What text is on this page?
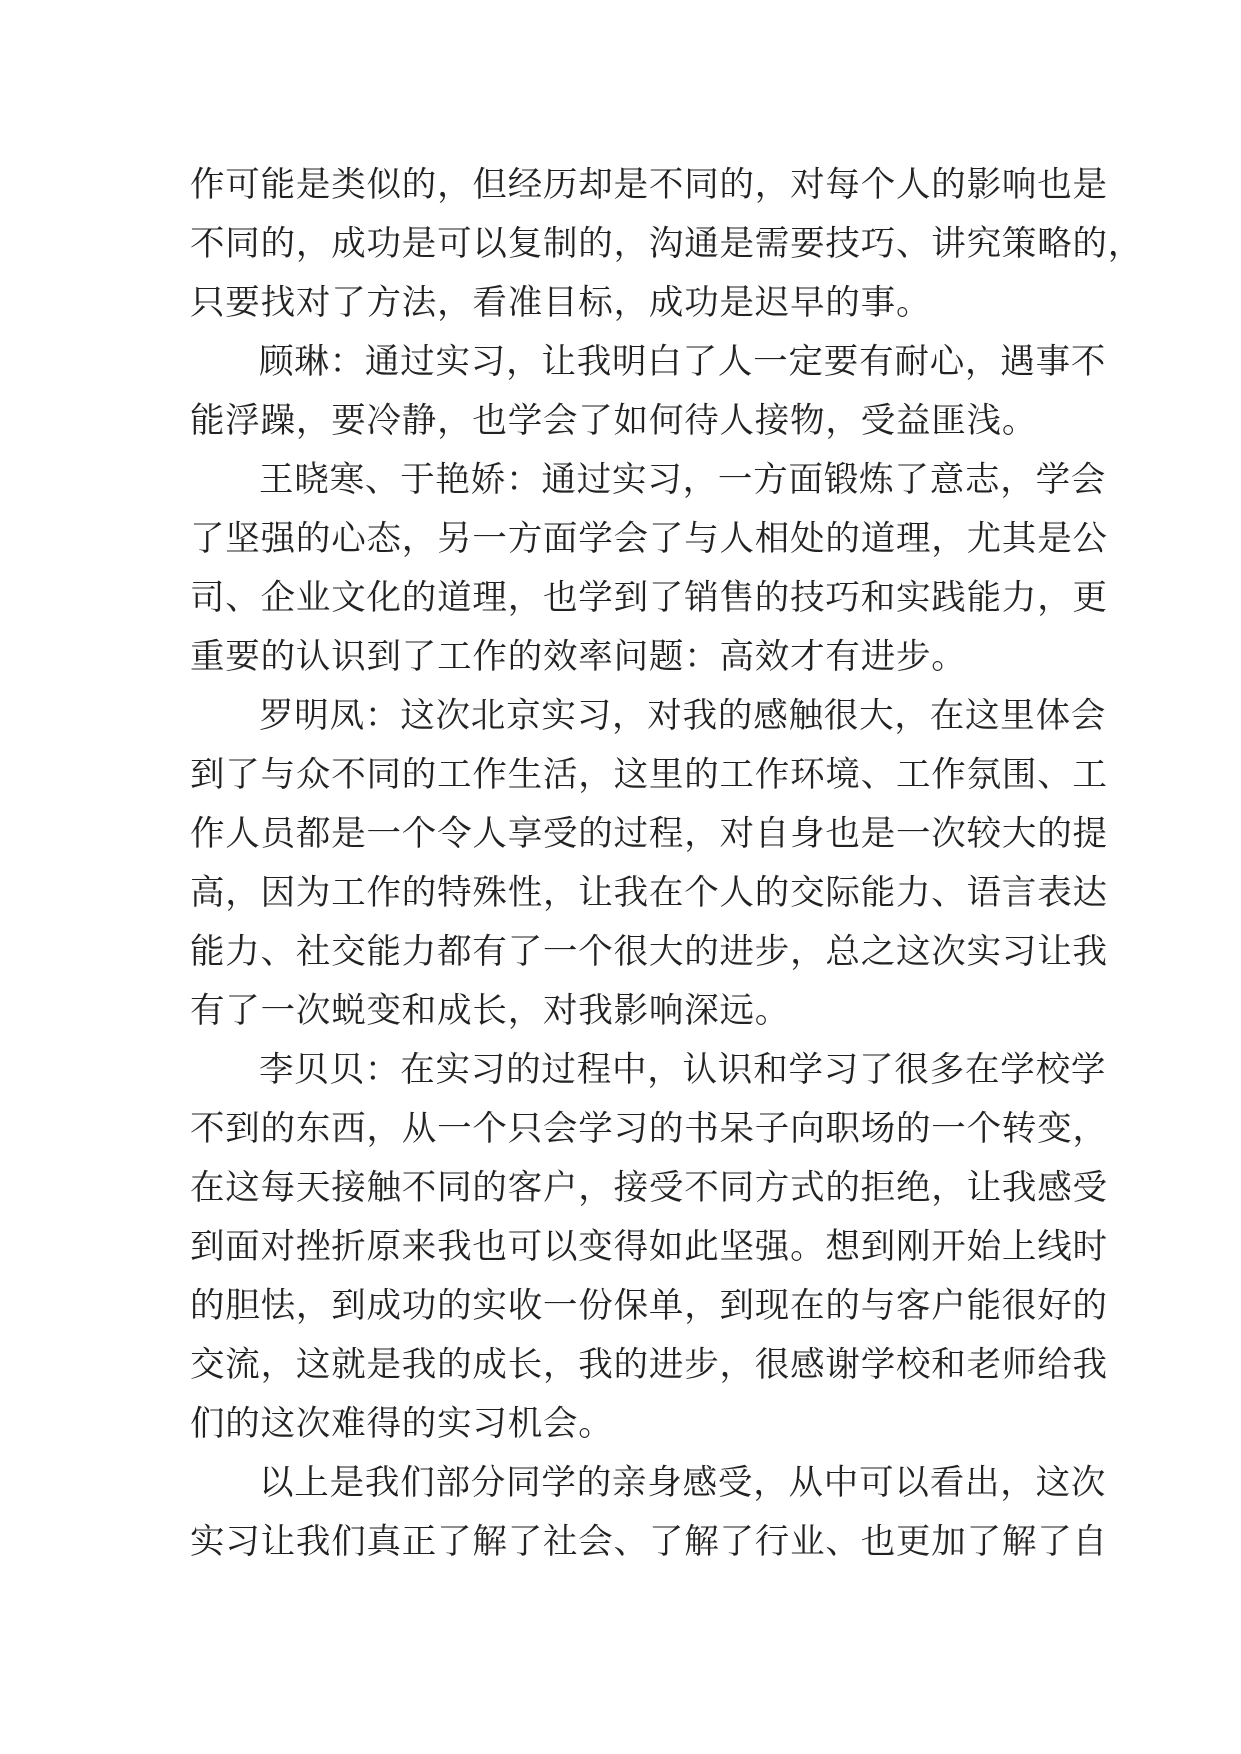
作可能是类似的，但经历却是不同的，对每个人的影响也是
不同的，成功是可以复制的，沟通是需要技巧、讲究策略的，
只要找对了方法，看准目标，成功是迟早的事。
顾琳：通过实习，让我明白了人一定要有耐心，遇事不
能浮躁，要冷静，也学会了如何待人接物，受益匪浅。
王晓寒、于艳娇：通过实习，一方面锻炼了意志，学会
了坚强的心态，另一方面学会了与人相处的道理，尤其是公
司、企业文化的道理，也学到了销售的技巧和实践能力，更
重要的认识到了工作的效率问题：高效才有进步。
罗明凤：这次北京实习，对我的感触很大，在这里体会
到了与众不同的工作生活，这里的工作环境、工作氛围、工
作人员都是一个令人享受的过程，对自身也是一次较大的提
高，因为工作的特殊性，让我在个人的交际能力、语言表达
能力、社交能力都有了一个很大的进步，总之这次实习让我
有了一次蜕变和成长，对我影响深远。
李贝贝：在实习的过程中，认识和学习了很多在学校学
不到的东西，从一个只会学习的书呆子向职场的一个转变，
在这每天接触不同的客户，接受不同方式的拒绝，让我感受
到面对挫折原来我也可以变得如此坚强。想到刚开始上线时
的胆怯，到成功的实收一份保单，到现在的与客户能很好的
交流，这就是我的成长，我的进步，很感谢学校和老师给我
们的这次难得的实习机会。
以上是我们部分同学的亲身感受，从中可以看出，这次
实习让我们真正了解了社会、了解了行业、也更加了解了自
